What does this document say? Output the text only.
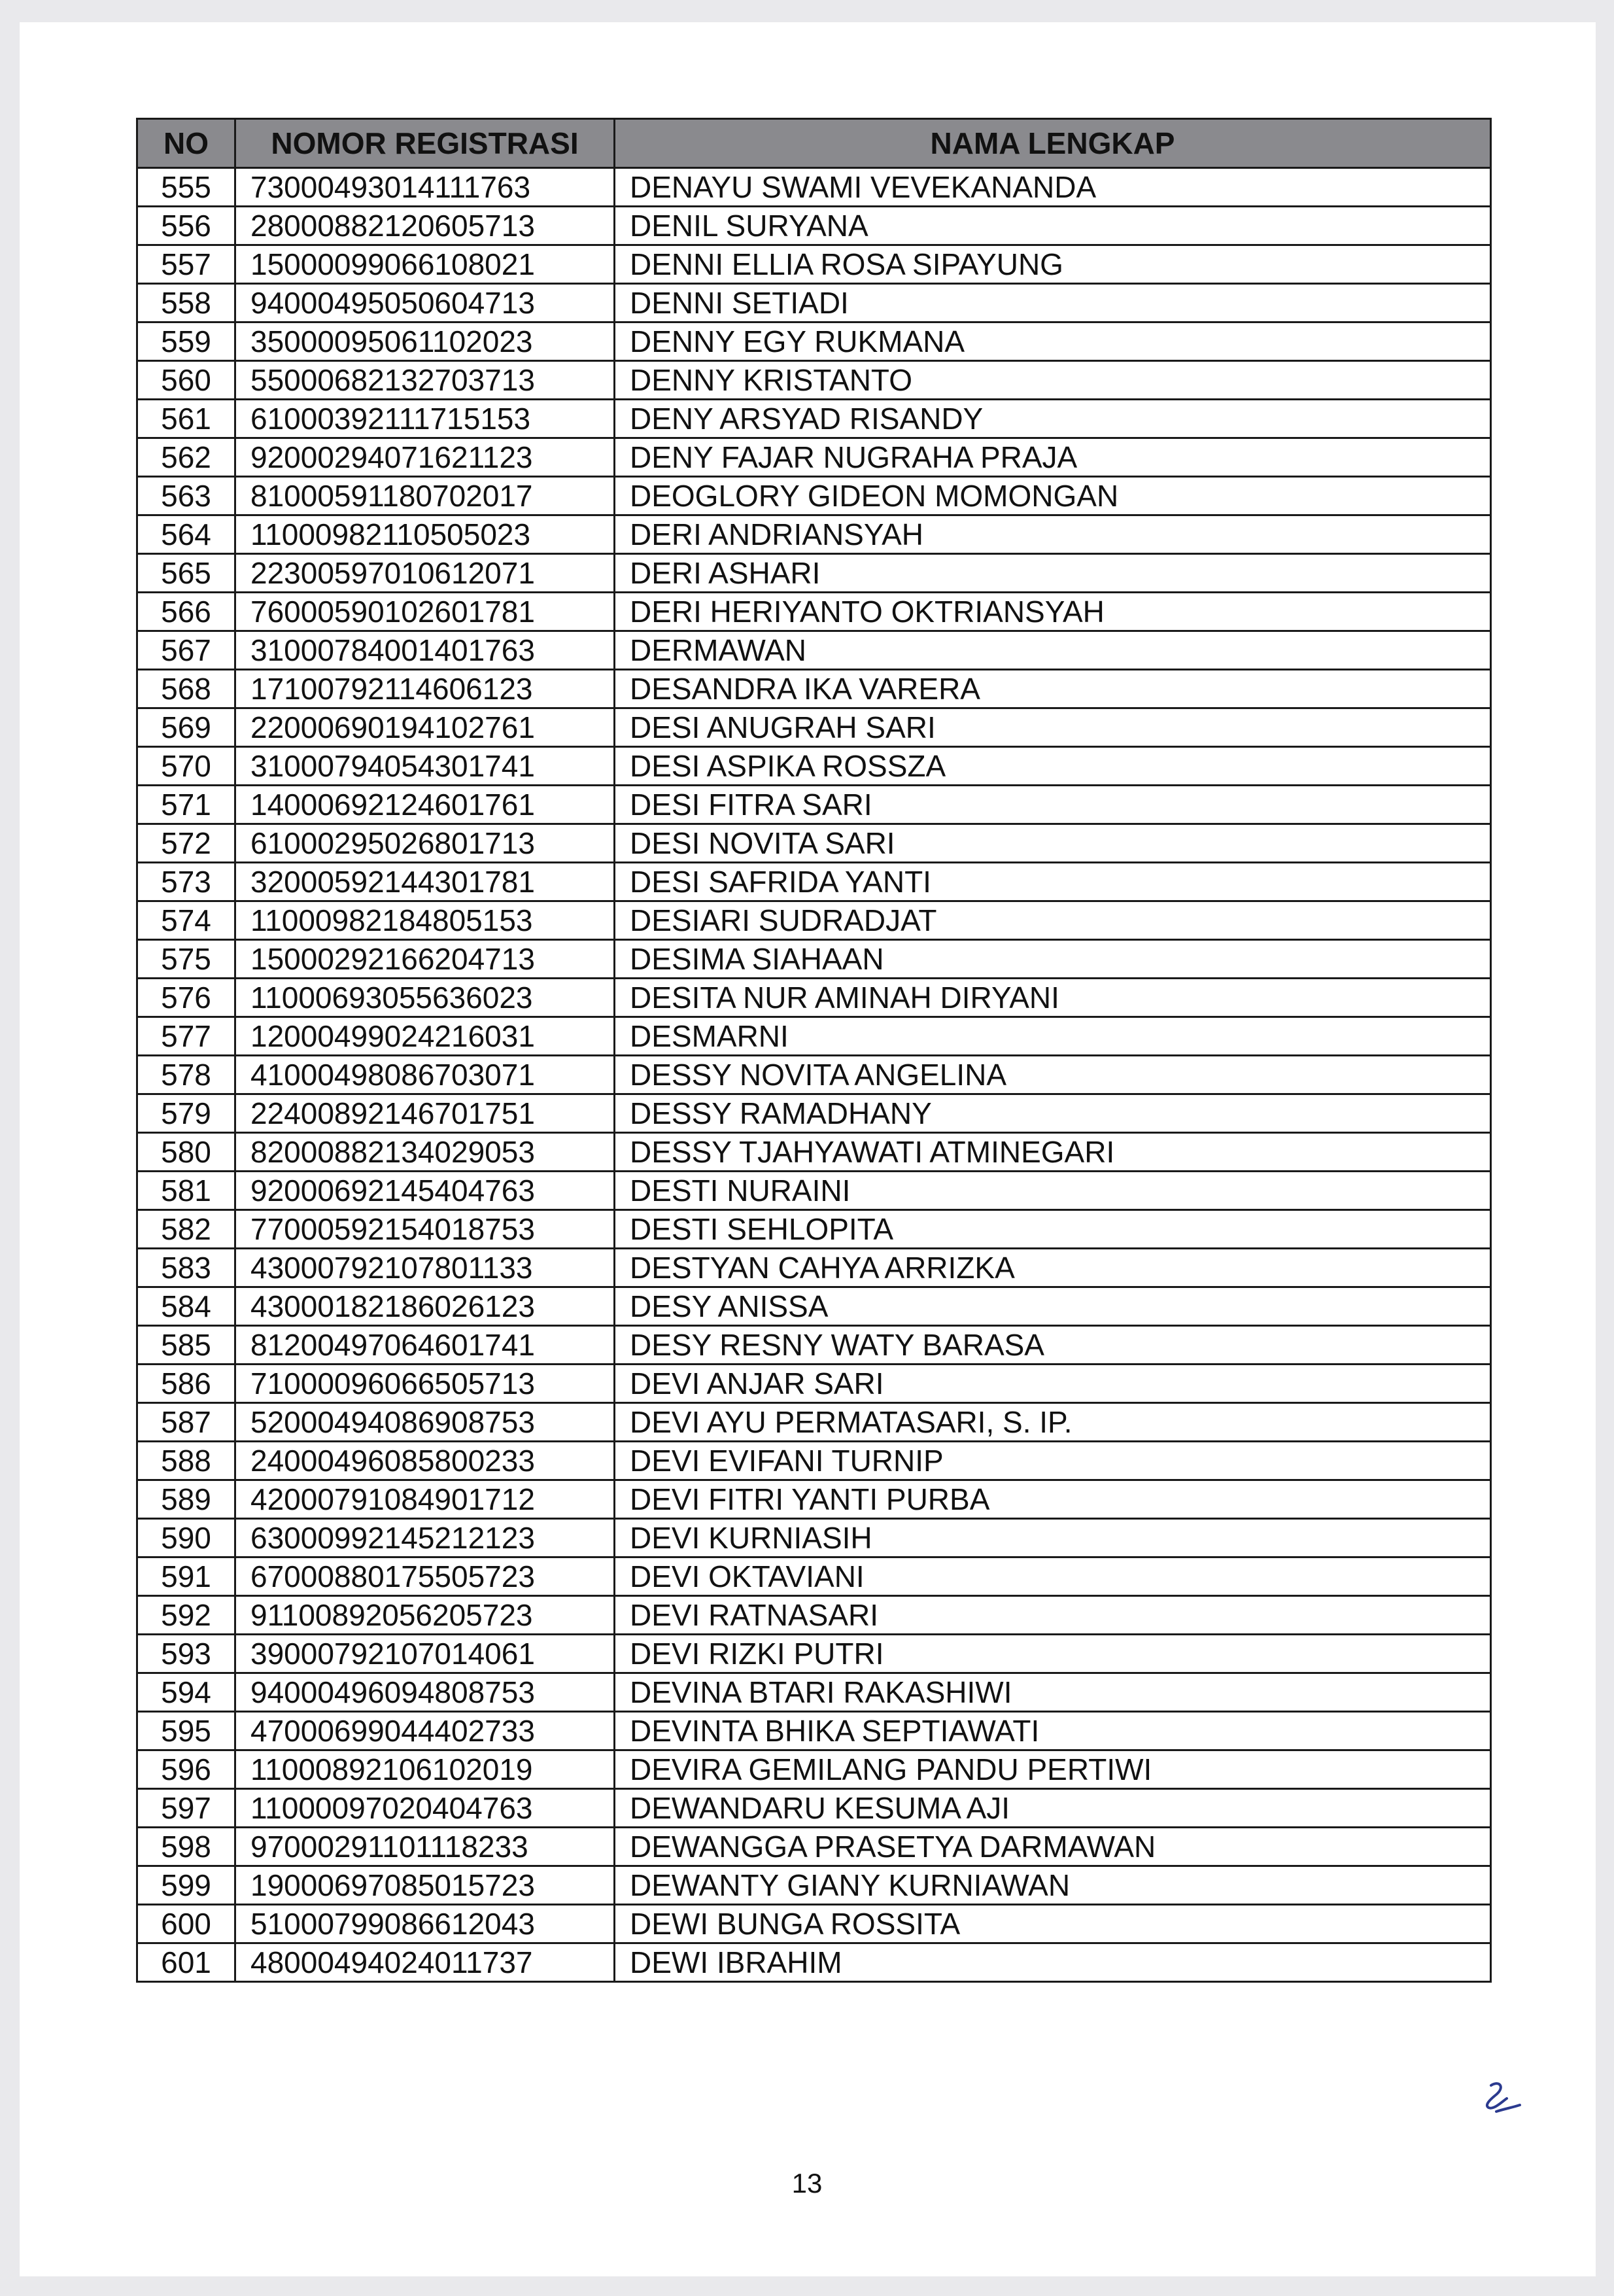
NO	NOMOR REGISTRASI	NAMA LENGKAP
555	73000493014111763	DENAYU SWAMI VEVEKANANDA
556	28000882120605713	DENIL SURYANA
557	15000099066108021	DENNI ELLIA ROSA SIPAYUNG
558	94000495050604713	DENNI SETIADI
559	35000095061102023	DENNY EGY RUKMANA
560	55000682132703713	DENNY KRISTANTO
561	61000392111715153	DENY ARSYAD RISANDY
562	92000294071621123	DENY FAJAR NUGRAHA PRAJA
563	81000591180702017	DEOGLORY GIDEON MOMONGAN
564	11000982110505023	DERI ANDRIANSYAH
565	22300597010612071	DERI ASHARI
566	76000590102601781	DERI HERIYANTO OKTRIANSYAH
567	31000784001401763	DERMAWAN
568	17100792114606123	DESANDRA IKA VARERA
569	22000690194102761	DESI ANUGRAH SARI
570	31000794054301741	DESI ASPIKA ROSSZA
571	14000692124601761	DESI FITRA SARI
572	61000295026801713	DESI NOVITA SARI
573	32000592144301781	DESI SAFRIDA YANTI
574	11000982184805153	DESIARI SUDRADJAT
575	15000292166204713	DESIMA SIAHAAN
576	11000693055636023	DESITA NUR AMINAH DIRYANI
577	12000499024216031	DESMARNI
578	41000498086703071	DESSY NOVITA ANGELINA
579	22400892146701751	DESSY RAMADHANY
580	82000882134029053	DESSY TJAHYAWATI ATMINEGARI
581	92000692145404763	DESTI NURAINI
582	77000592154018753	DESTI SEHLOPITA
583	43000792107801133	DESTYAN CAHYA ARRIZKA
584	43000182186026123	DESY ANISSA
585	81200497064601741	DESY RESNY WATY BARASA
586	71000096066505713	DEVI ANJAR SARI
587	52000494086908753	DEVI AYU PERMATASARI, S. IP.
588	24000496085800233	DEVI EVIFANI TURNIP
589	42000791084901712	DEVI FITRI YANTI PURBA
590	63000992145212123	DEVI KURNIASIH
591	67000880175505723	DEVI OKTAVIANI
592	91100892056205723	DEVI RATNASARI
593	39000792107014061	DEVI RIZKI PUTRI
594	94000496094808753	DEVINA BTARI RAKASHIWI
595	47000699044402733	DEVINTA BHIKA SEPTIAWATI
596	11000892106102019	DEVIRA GEMILANG PANDU PERTIWI
597	11000097020404763	DEWANDARU KESUMA AJI
598	97000291101118233	DEWANGGA PRASETYA DARMAWAN
599	19000697085015723	DEWANTY GIANY KURNIAWAN
600	51000799086612043	DEWI BUNGA ROSSITA
601	48000494024011737	DEWI IBRAHIM
13
